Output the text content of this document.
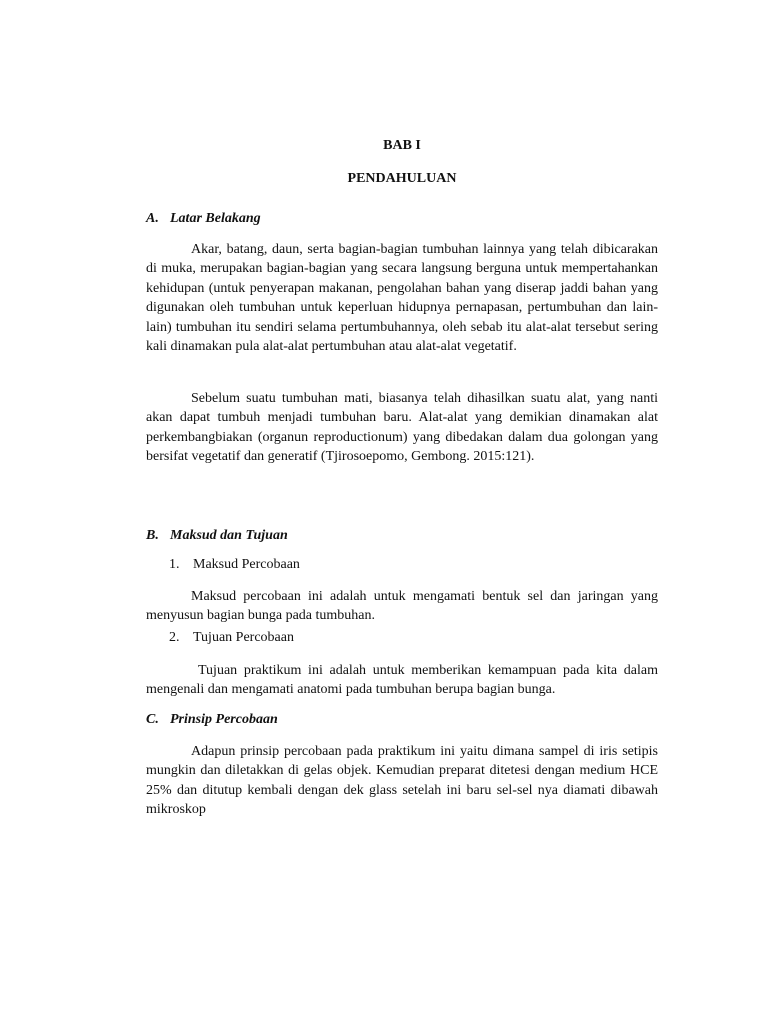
BAB I
PENDAHULUAN
A. Latar Belakang

Akar, batang, daun, serta bagian-bagian tumbuhan lainnya yang telah dibicarakan di muka, merupakan bagian-bagian yang secara langsung berguna untuk mempertahankan kehidupan (untuk penyerapan makanan, pengolahan bahan yang diserap jaddi bahan yang digunakan oleh tumbuhan untuk keperluan hidupnya pernapasan, pertumbuhan dan lain-lain) tumbuhan itu sendiri selama pertumbuhannya, oleh sebab itu alat-alat tersebut sering kali dinamakan pula alat-alat pertumbuhan atau alat-alat vegetatif.

Sebelum suatu tumbuhan mati, biasanya telah dihasilkan suatu alat, yang nanti akan dapat tumbuh menjadi tumbuhan baru. Alat-alat yang demikian dinamakan alat perkembangbiakan (organun reproductionum) yang dibedakan dalam dua golongan yang bersifat vegetatif dan generatif (Tjirosoepomo, Gembong. 2015:121).

B. Maksud dan Tujuan
1. Maksud Percobaan

Maksud percobaan ini adalah untuk mengamati bentuk sel dan jaringan yang menyusun bagian bunga pada tumbuhan.

2. Tujuan Percobaan

Tujuan praktikum ini adalah untuk memberikan kemampuan pada kita dalam mengenali dan mengamati anatomi pada tumbuhan berupa bagian bunga.

C. Prinsip Percobaan

Adapun prinsip percobaan pada praktikum ini yaitu dimana sampel di iris setipis mungkin dan diletakkan di gelas objek. Kemudian preparat ditetesi dengan medium HCE 25% dan ditutup kembali dengan dek glass setelah ini baru sel-sel nya diamati dibawah mikroskop
